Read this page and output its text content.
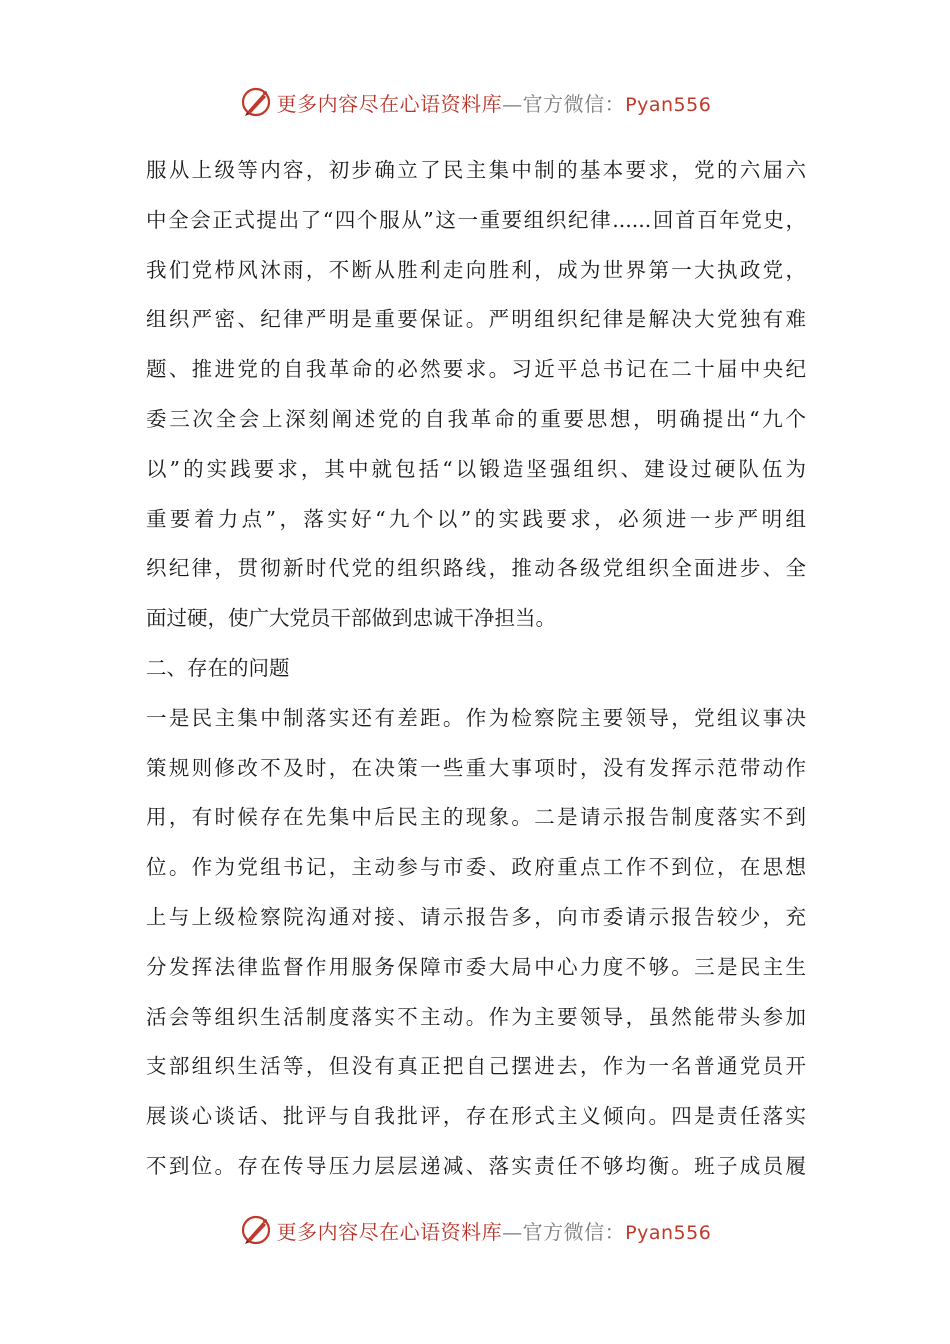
更多内容尽在心语资料库—官方微信：Pyan556
服从上级等内容，初步确立了民主集中制的基本要求，党的六届六
中全会正式提出了“四个服从”这一重要组织纪律......回首百年党史，
我们党栉风沐雨，不断从胜利走向胜利，成为世界第一大执政党，
组织严密、纪律严明是重要保证。严明组织纪律是解决大党独有难
题、推进党的自我革命的必然要求。习近平总书记在二十届中央纪
委三次全会上深刻阐述党的自我革命的重要思想，明确提出“九个
以”的实践要求，其中就包括“以锻造坚强组织、建设过硬队伍为
重要着力点”，落实好“九个以”的实践要求，必须进一步严明组
织纪律，贯彻新时代党的组织路线，推动各级党组织全面进步、全
面过硬，使广大党员干部做到忠诚干净担当。
二、存在的问题
一是民主集中制落实还有差距。作为检察院主要领导，党组议事决
策规则修改不及时，在决策一些重大事项时，没有发挥示范带动作
用，有时候存在先集中后民主的现象。二是请示报告制度落实不到
位。作为党组书记，主动参与市委、政府重点工作不到位，在思想
上与上级检察院沟通对接、请示报告多，向市委请示报告较少，充
分发挥法律监督作用服务保障市委大局中心力度不够。三是民主生
活会等组织生活制度落实不主动。作为主要领导，虽然能带头参加
支部组织生活等，但没有真正把自己摆进去，作为一名普通党员开
展谈心谈话、批评与自我批评，存在形式主义倾向。四是责任落实
不到位。存在传导压力层层递减、落实责任不够均衡。班子成员履
更多内容尽在心语资料库—官方微信：Pyan556
